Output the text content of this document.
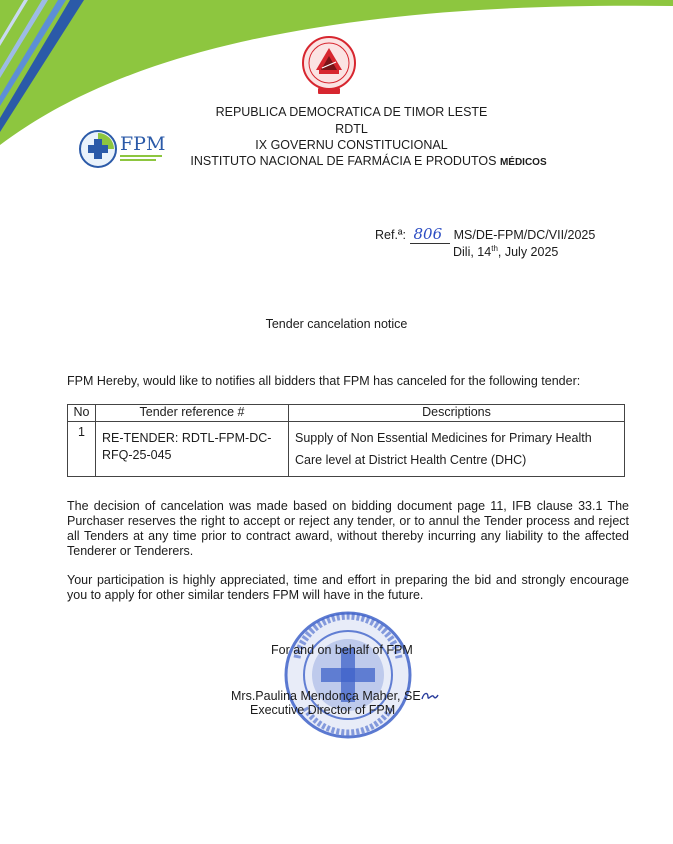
REPUBLICA DEMOCRATICA DE TIMOR LESTE
RDTL
IX GOVERNU CONSTITUCIONAL
INSTITUTO NACIONAL DE FARMÁCIA E PRODUTOS MÉDICOS
FPM
Ref.ª: 806 MS/DE-FPM/DC/VII/2025
Dili, 14th, July 2025
Tender cancelation notice
FPM Hereby, would like to notifies all bidders that FPM has canceled for the following tender:
No	Tender reference #	Descriptions
1	RE-TENDER: RDTL-FPM-DC-RFQ-25-045	Supply of Non Essential Medicines for Primary Health Care level at District Health Centre (DHC)
The decision of cancelation was made based on bidding document page 11, IFB clause 33.1 The Purchaser reserves the right to accept or reject any tender, or to annul the Tender process and reject all Tenders at any time prior to contract award, without thereby incurring any liability to the affected Tenderer or Tenderers.
Your participation is highly appreciated, time and effort in preparing the bid and strongly encourage you to apply for other similar tenders FPM will have in the future.
For and on behalf of FPM
Mrs.Paulina Mendonça Maher, SE
Executive Director of FPM
